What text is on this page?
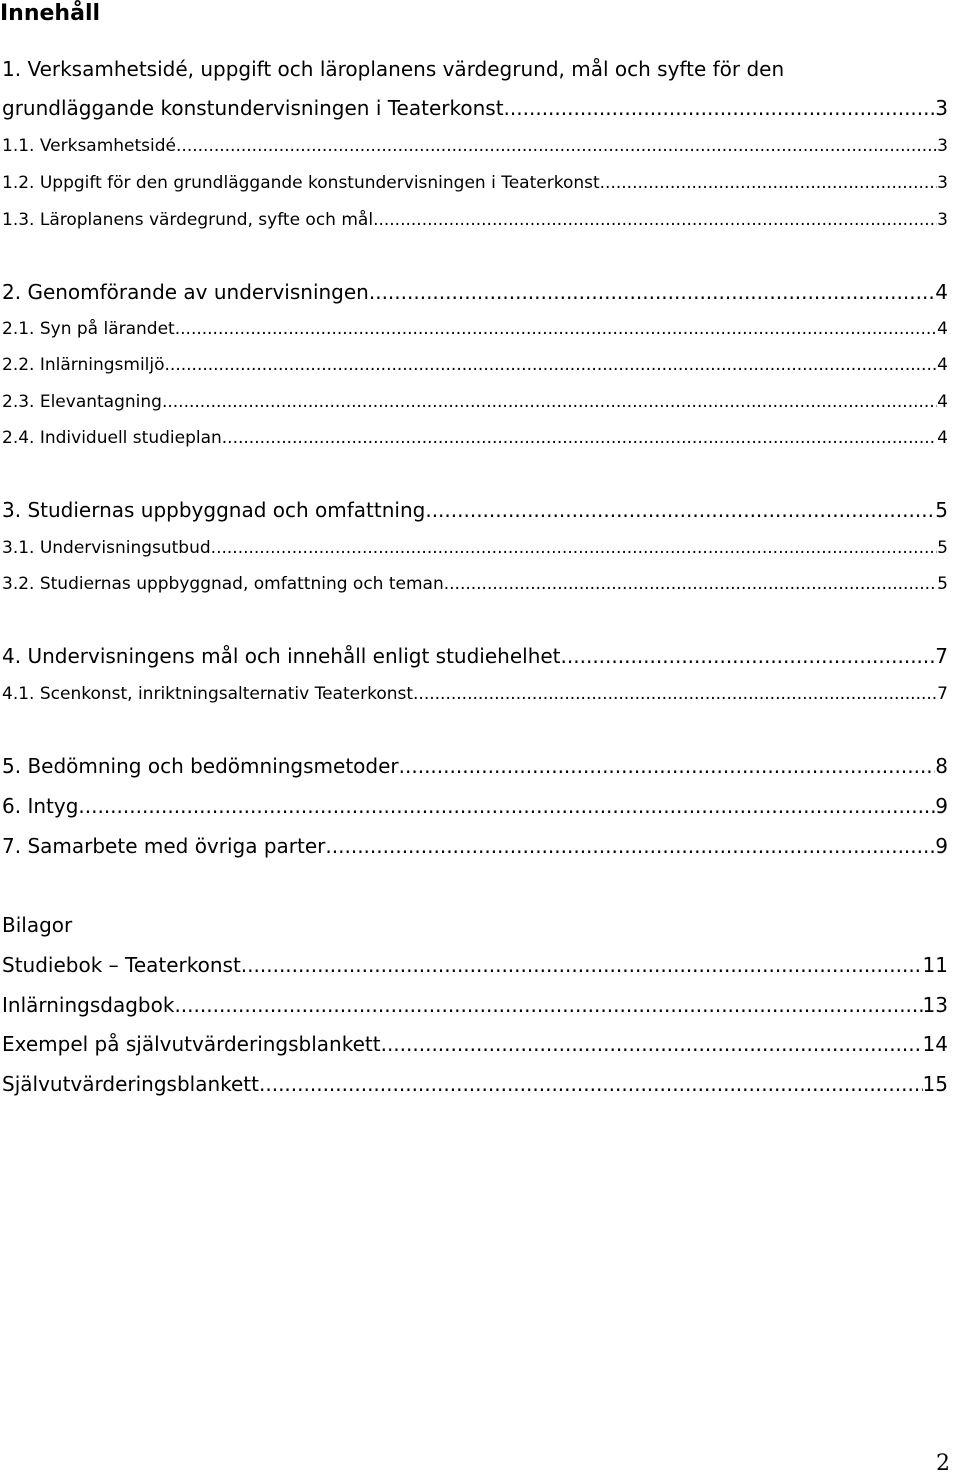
Innehåll
1. Verksamhetsidé, uppgift och läroplanens värdegrund, mål och syfte för den
grundläggande konstundervisningen i Teaterkonst .....	3
1.1. Verksamhetsidé .....	3
1.2. Uppgift för den grundläggande konstundervisningen i Teaterkonst .....	3
1.3. Läroplanens värdegrund, syfte och mål .....	3
2. Genomförande av undervisningen .....	4
2.1. Syn på lärandet .....	4
2.2. Inlärningsmiljö .....	4
2.3. Elevantagning .....	4
2.4. Individuell studieplan .....	4
3. Studiernas uppbyggnad och omfattning .....	5
3.1. Undervisningsutbud .....	5
3.2. Studiernas uppbyggnad, omfattning och teman .....	5
4. Undervisningens mål och innehåll enligt studiehelhet .....	7
4.1. Scenkonst, inriktningsalternativ Teaterkonst .....	7
5. Bedömning och bedömningsmetoder .....	8
6. Intyg .....	9
7. Samarbete med övriga parter .....	9
Bilagor
Studiebok – Teaterkonst .....	11
Inlärningsdagbok .....	13
Exempel på självutvärderingsblankett .....	14
Självutvärderingsblankett .....	15
2
